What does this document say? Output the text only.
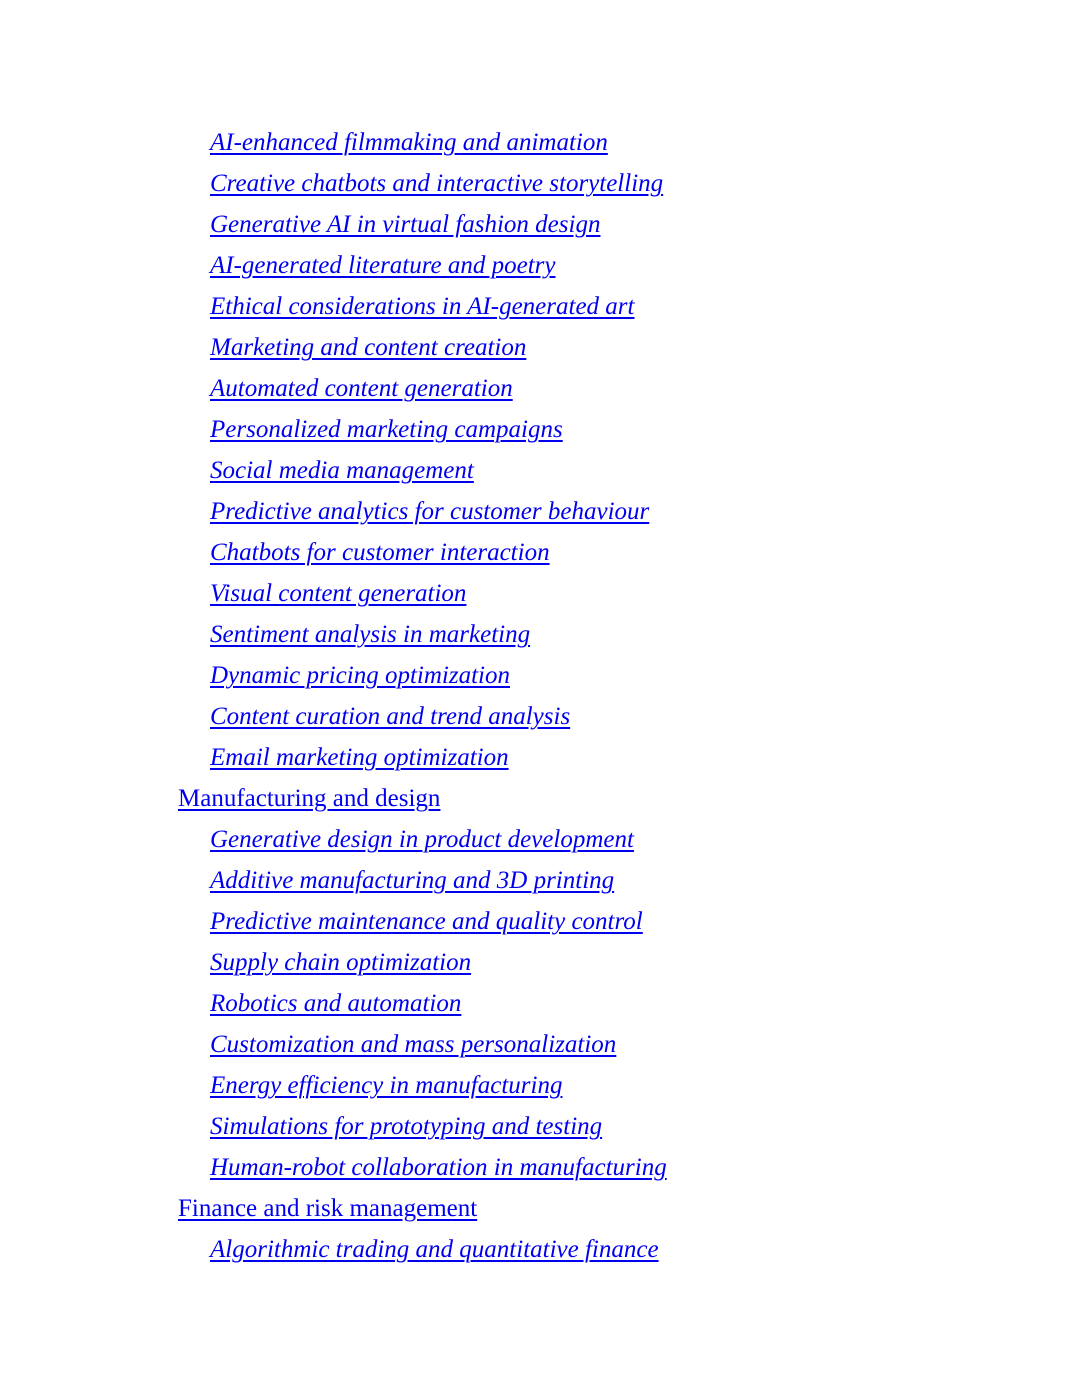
AI-enhanced filmmaking and animation
Creative chatbots and interactive storytelling
Generative AI in virtual fashion design
AI-generated literature and poetry
Ethical considerations in AI-generated art
Marketing and content creation
Automated content generation
Personalized marketing campaigns
Social media management
Predictive analytics for customer behaviour
Chatbots for customer interaction
Visual content generation
Sentiment analysis in marketing
Dynamic pricing optimization
Content curation and trend analysis
Email marketing optimization
Manufacturing and design
Generative design in product development
Additive manufacturing and 3D printing
Predictive maintenance and quality control
Supply chain optimization
Robotics and automation
Customization and mass personalization
Energy efficiency in manufacturing
Simulations for prototyping and testing
Human-robot collaboration in manufacturing
Finance and risk management
Algorithmic trading and quantitative finance
